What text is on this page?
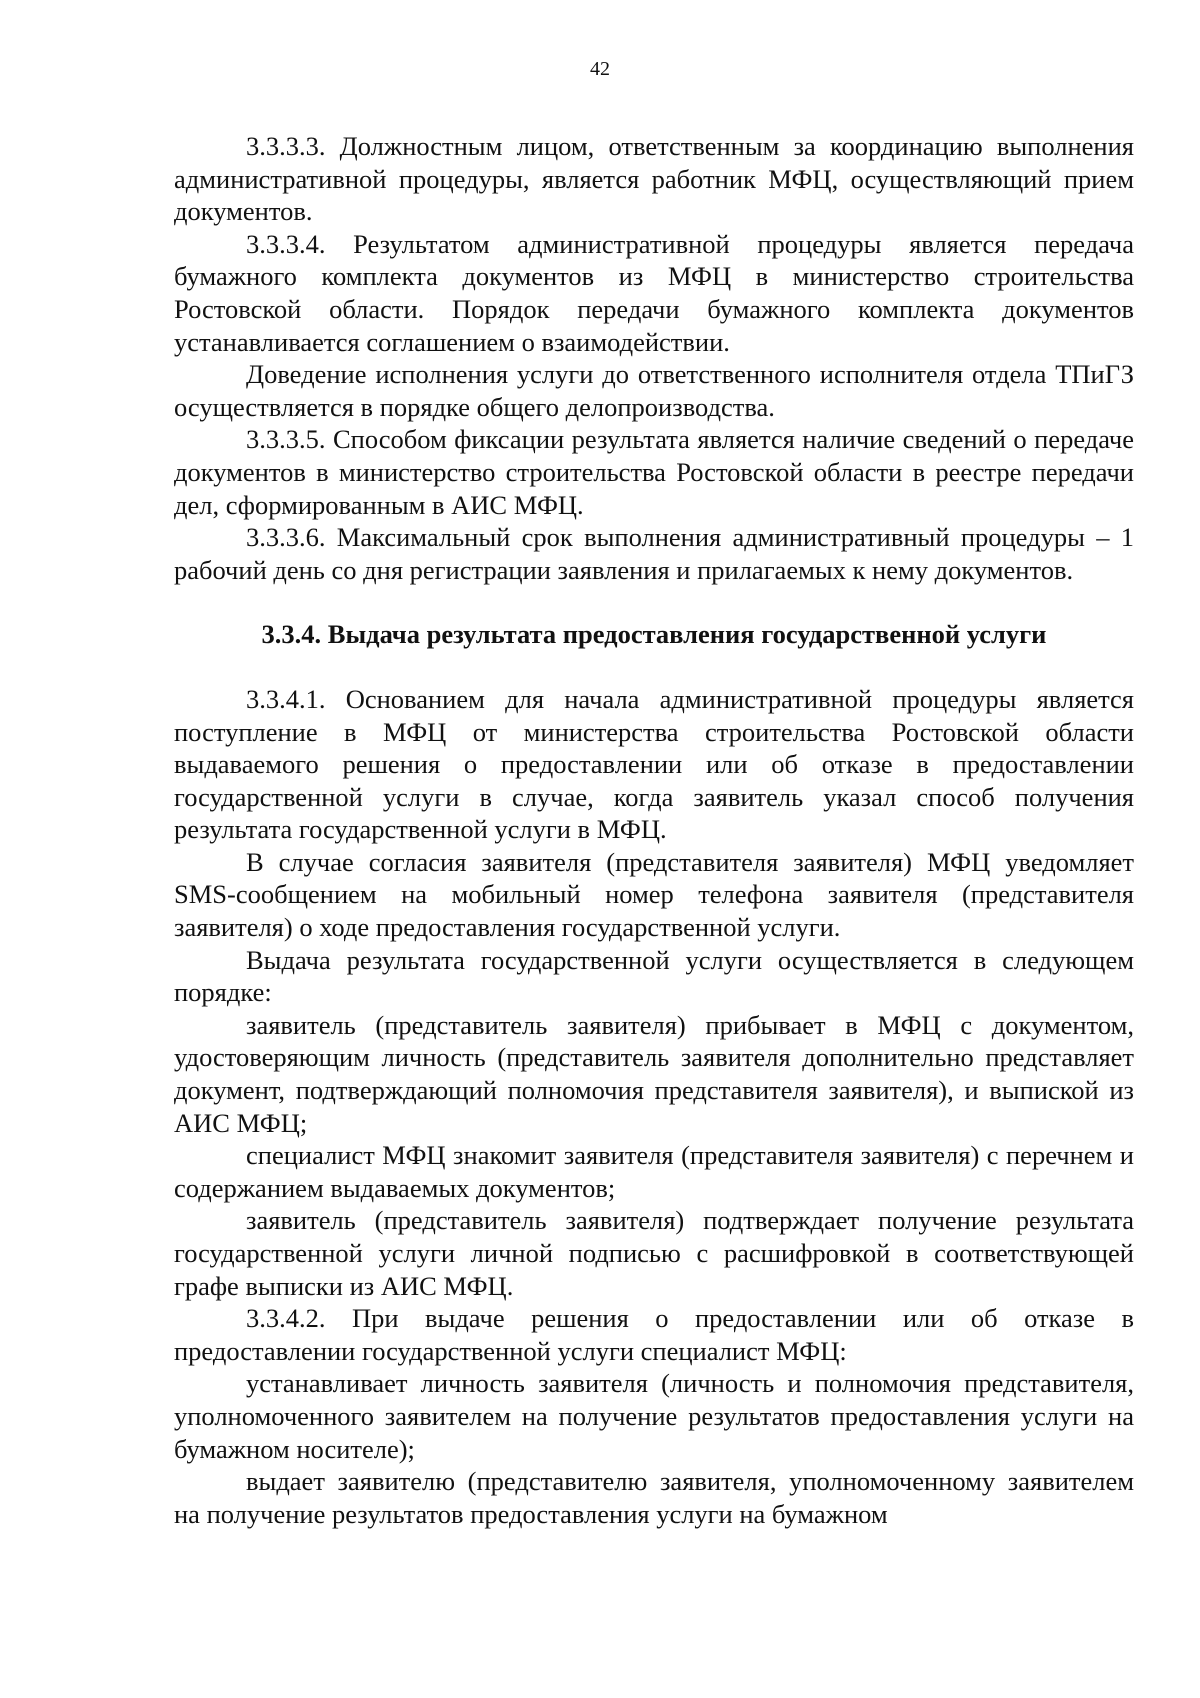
42

3.3.3.3. Должностным лицом, ответственным за координацию выполнения административной процедуры, является работник МФЦ, осуществляющий прием документов.

3.3.3.4. Результатом административной процедуры является передача бумажного комплекта документов из МФЦ в министерство строительства Ростовской области. Порядок передачи бумажного комплекта документов устанавливается соглашением о взаимодействии.

Доведение исполнения услуги до ответственного исполнителя отдела ТПиГЗ осуществляется в порядке общего делопроизводства.

3.3.3.5. Способом фиксации результата является наличие сведений о передаче документов в министерство строительства Ростовской области в реестре передачи дел, сформированным в АИС МФЦ.

3.3.3.6. Максимальный срок выполнения административный процедуры – 1 рабочий день со дня регистрации заявления и прилагаемых к нему документов.

3.3.4. Выдача результата предоставления государственной услуги

3.3.4.1. Основанием для начала административной процедуры является поступление в МФЦ от министерства строительства Ростовской области выдаваемого решения о предоставлении или об отказе в предоставлении государственной услуги в случае, когда заявитель указал способ получения результата государственной услуги в МФЦ.

В случае согласия заявителя (представителя заявителя) МФЦ уведомляет SMS-сообщением на мобильный номер телефона заявителя (представителя заявителя) о ходе предоставления государственной услуги.

Выдача результата государственной услуги осуществляется в следующем порядке:

заявитель (представитель заявителя) прибывает в МФЦ с документом, удостоверяющим личность (представитель заявителя дополнительно представляет документ, подтверждающий полномочия представителя заявителя), и выпиской из АИС МФЦ;

специалист МФЦ знакомит заявителя (представителя заявителя) с перечнем и содержанием выдаваемых документов;

заявитель (представитель заявителя) подтверждает получение результата государственной услуги личной подписью с расшифровкой в соответствующей графе выписки из АИС МФЦ.

3.3.4.2. При выдаче решения о предоставлении или об отказе в предоставлении государственной услуги специалист МФЦ:

устанавливает личность заявителя (личность и полномочия представителя, уполномоченного заявителем на получение результатов предоставления услуги на бумажном носителе);

выдает заявителю (представителю заявителя, уполномоченному заявителем на получение результатов предоставления услуги на бумажном
